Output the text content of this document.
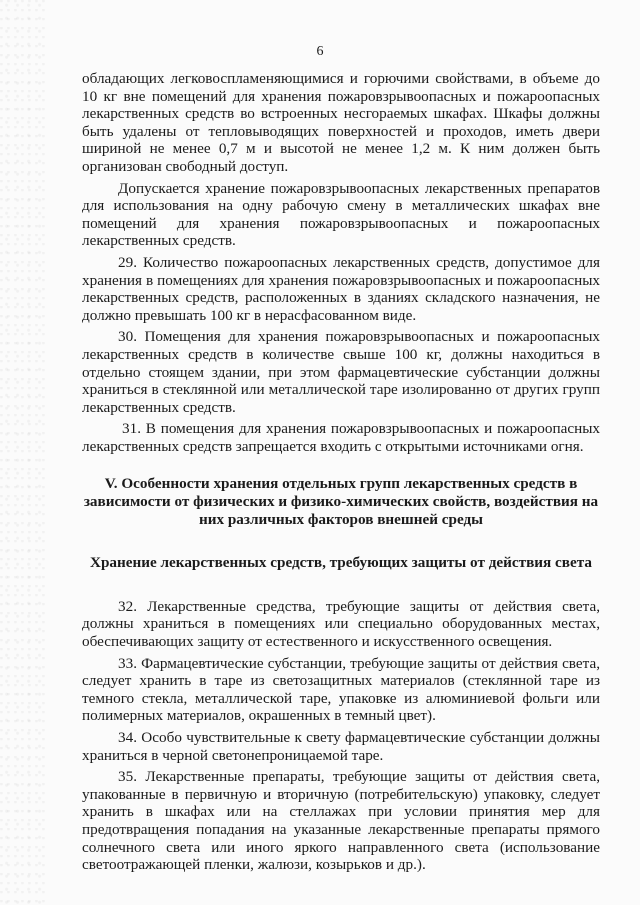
6

обладающих легковоспламеняющимися и горючими свойствами, в объеме до 10 кг вне помещений для хранения пожаровзрывоопасных и пожароопасных лекарственных средств во встроенных несгораемых шкафах. Шкафы должны быть удалены от тепловыводящих поверхностей и проходов, иметь двери шириной не менее 0,7 м и высотой не менее 1,2 м. К ним должен быть организован свободный доступ.

Допускается хранение пожаровзрывоопасных лекарственных препаратов для использования на одну рабочую смену в металлических шкафах вне помещений для хранения пожаровзрывоопасных и пожароопасных лекарственных средств.

29. Количество пожароопасных лекарственных средств, допустимое для хранения в помещениях для хранения пожаровзрывоопасных и пожароопасных лекарственных средств, расположенных в зданиях складского назначения, не должно превышать 100 кг в нерасфасованном виде.

30. Помещения для хранения пожаровзрывоопасных и пожароопасных лекарственных средств в количестве свыше 100 кг, должны находиться в отдельно стоящем здании, при этом фармацевтические субстанции должны храниться в стеклянной или металлической таре изолированно от других групп лекарственных средств.

31. В помещения для хранения пожаровзрывоопасных и пожароопасных лекарственных средств запрещается входить с открытыми источниками огня.

V. Особенности хранения отдельных групп лекарственных средств в зависимости от физических и физико-химических свойств, воздействия на них различных факторов внешней среды
Хранение лекарственных средств, требующих защиты от действия света

32. Лекарственные средства, требующие защиты от действия света, должны храниться в помещениях или специально оборудованных местах, обеспечивающих защиту от естественного и искусственного освещения.

33. Фармацевтические субстанции, требующие защиты от действия света, следует хранить в таре из светозащитных материалов (стеклянной таре из темного стекла, металлической таре, упаковке из алюминиевой фольги или полимерных материалов, окрашенных в темный цвет).

34. Особо чувствительные к свету фармацевтические субстанции должны храниться в черной светонепроницаемой таре.

35. Лекарственные препараты, требующие защиты от действия света, упакованные в первичную и вторичную (потребительскую) упаковку, следует хранить в шкафах или на стеллажах при условии принятия мер для предотвращения попадания на указанные лекарственные препараты прямого солнечного света или иного яркого направленного света (использование светоотражающей пленки, жалюзи, козырьков и др.).
